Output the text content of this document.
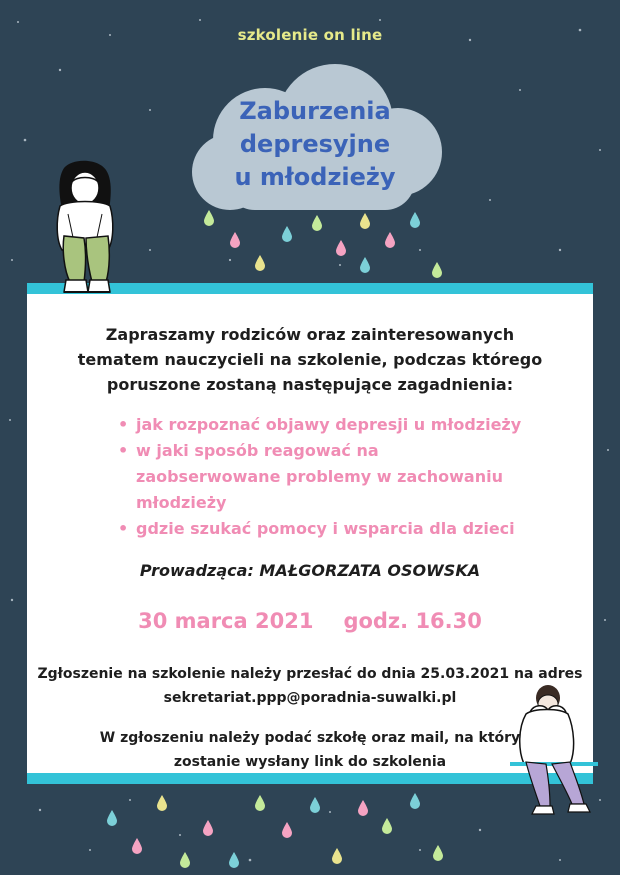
szkolenie on line
Zaburzenia
depresyjne
u młodzieży
Zapraszamy rodziców oraz zainteresowanych
tematem nauczycieli na szkolenie, podczas którego
poruszone zostaną następujące zagadnienia:
• jak rozpoznać objawy depresji u młodzieży
• w jaki sposób reagować na
zaobserwowane problemy w zachowaniu
młodzieży
• gdzie szukać pomocy i wsparcia dla dzieci
Prowadząca: MAŁGORZATA OSOWSKA
30 marca 2021 godz. 16.30
Zgłoszenie na szkolenie należy przesłać do dnia 25.03.2021 na adres
sekretariat.ppp@poradnia-suwalki.pl
W zgłoszeniu należy podać szkołę oraz mail, na który
zostanie wysłany link do szkolenia
